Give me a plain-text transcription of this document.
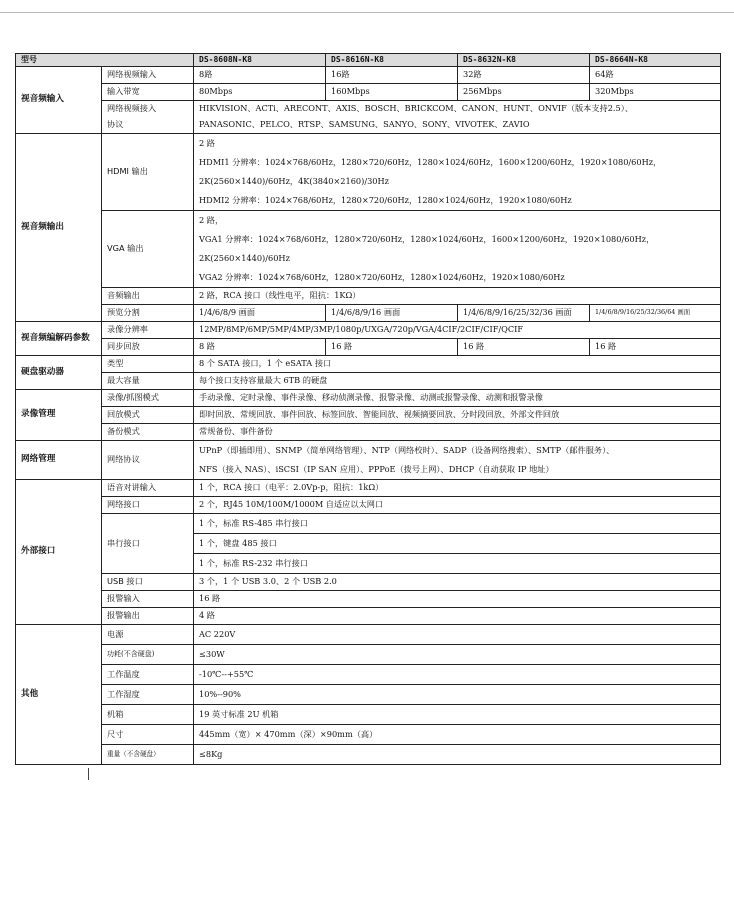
型号		DS-8608N-K8	DS-8616N-K8	DS-8632N-K8	DS-8664N-K8
视音频输入	网络视频输入	8路	16路	32路	64路
	输入带宽	80Mbps	160Mbps	256Mbps	320Mbps
	网络视频接入	HIKVISION、ACTi、ARECONT、AXIS、BOSCH、BRICKCOM、CANON、HUNT、ONVIF（版本支持2.5）、			
	协议	PANASONIC、PELCO、RTSP、SAMSUNG、SANYO、SONY、VIVOTEK、ZAVIO			
视音频输出	HDMI 输出	2 路
HDMI1 分辨率：1024×768/60Hz，1280×720/60Hz，1280×1024/60Hz，1600×1200/60Hz，1920×1080/60Hz，
2K(2560×1440)/60Hz，4K(3840×2160)/30Hz
HDMI2 分辨率：1024×768/60Hz，1280×720/60Hz，1280×1024/60Hz，1920×1080/60Hz			

	VGA 输出	2 路，
VGA1 分辨率：1024×768/60Hz，1280×720/60Hz，1280×1024/60Hz，1600×1200/60Hz，1920×1080/60Hz，
2K(2560×1440)/60Hz
VGA2 分辨率：1024×768/60Hz，1280×720/60Hz，1280×1024/60Hz，1920×1080/60Hz			

	音频输出	2 路，RCA 接口（线性电平，阻抗：1KΩ）			
	预览分割	1/4/6/8/9 画面	1/4/6/8/9/16 画面	1/4/6/8/9/16/25/32/36 画面	1/4/6/8/9/16/25/32/36/64 画面
视音频编解码参数	录像分辨率	12MP/8MP/6MP/5MP/4MP/3MP/1080p/UXGA/720p/VGA/4CIF/2CIF/CIF/QCIF			
	同步回放	8 路	16 路	16 路	16 路
硬盘驱动器	类型	8 个 SATA 接口，1 个 eSATA 接口			
	最大容量	每个接口支持容量最大 6TB 的硬盘			
录像管理	录像/抓图模式	手动录像、定时录像、事件录像、移动侦测录像、报警录像、动测或报警录像、动测和报警录像			
	回放模式	即时回放、常规回放、事件回放、标签回放、智能回放、视频摘要回放、分时段回放、外部文件回放			
	备份模式	常规备份、事件备份			
网络管理	网络协议	UPnP（即插即用）、SNMP（简单网络管理）、NTP（网络校时）、SADP（设备网络搜索）、SMTP（邮件服务）、
NFS（接入 NAS）、iSCSI（IP SAN 应用）、PPPoE（拨号上网）、DHCP（自动获取 IP 地址）			

外部接口	语音对讲输入	1 个，RCA 接口（电平：2.0Vp-p，阻抗：1kΩ）			
	网络接口	2 个，RJ45 10M/100M/1000M 自适应以太网口			
	串行接口	1 个，标准 RS-485 串行接口			
		1 个，键盘 485 接口			
		1 个，标准 RS-232 串行接口			
	USB 接口	3 个，1 个 USB 3.0、2 个 USB 2.0			
	报警输入	16 路			
	报警输出	4 路			
其他	电源	AC 220V			
	功耗(不含硬盘)	≤30W			
	工作温度	-10℃--+55℃			
	工作湿度	10%--90%			
	机箱	19 英寸标准 2U 机箱			
	尺寸	445mm（宽）× 470mm（深）×90mm（高）			
	重量（不含硬盘）	≤8Kg			
